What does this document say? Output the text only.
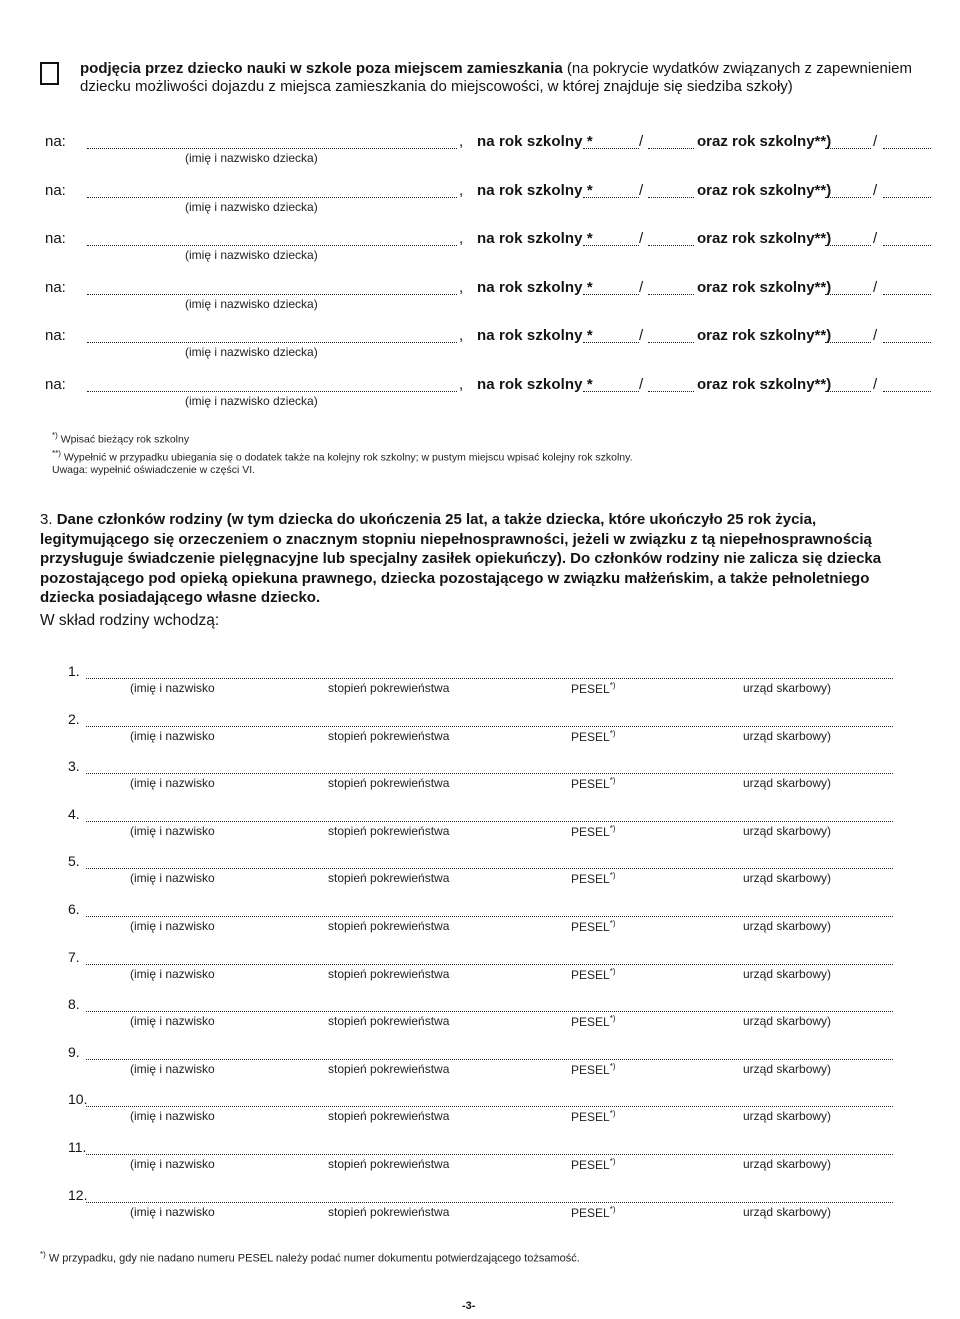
podjęcia przez dziecko nauki w szkole poza miejscem zamieszkania (na pokrycie wydatków związanych z zapewnieniem dziecku możliwości dojazdu z miejsca zamieszkania do miejscowości, w której znajduje się siedziba szkoły)
na:	, na rok szkolny *	/	oraz rok szkolny**)	/
(imię i nazwisko dziecka)
na:	, na rok szkolny *	/	oraz rok szkolny**)	/
(imię i nazwisko dziecka)
na:	, na rok szkolny *	/	oraz rok szkolny**)	/
(imię i nazwisko dziecka)
na:	, na rok szkolny *	/	oraz rok szkolny**)	/
(imię i nazwisko dziecka)
na:	, na rok szkolny *	/	oraz rok szkolny**)	/
(imię i nazwisko dziecka)
na:	, na rok szkolny *	/	oraz rok szkolny**)	/
(imię i nazwisko dziecka)
*) Wpisać bieżący rok szkolny
**) Wypełnić w przypadku ubiegania się o dodatek także na kolejny rok szkolny; w pustym miejscu wpisać kolejny rok szkolny.
Uwaga: wypełnić oświadczenie w części VI.
3. Dane członków rodziny (w tym dziecka do ukończenia 25 lat, a także dziecka, które ukończyło 25 rok życia, legitymującego się orzeczeniem o znacznym stopniu niepełnosprawności, jeżeli w związku z tą niepełnosprawnością przysługuje świadczenie pielęgnacyjne lub specjalny zasiłek opiekuńczy). Do członków rodziny nie zalicza się dziecka pozostającego pod opieką opiekuna prawnego, dziecka pozostającego w związku małżeńskim, a także pełnoletniego dziecka posiadającego własne dziecko.
W skład rodziny wchodzą:
1.
(imię i nazwisko	stopień pokrewieństwa	PESEL*)	urząd skarbowy)
2.
(imię i nazwisko	stopień pokrewieństwa	PESEL*)	urząd skarbowy)
3.
(imię i nazwisko	stopień pokrewieństwa	PESEL*)	urząd skarbowy)
4.
(imię i nazwisko	stopień pokrewieństwa	PESEL*)	urząd skarbowy)
5.
(imię i nazwisko	stopień pokrewieństwa	PESEL*)	urząd skarbowy)
6.
(imię i nazwisko	stopień pokrewieństwa	PESEL*)	urząd skarbowy)
7.
(imię i nazwisko	stopień pokrewieństwa	PESEL*)	urząd skarbowy)
8.
(imię i nazwisko	stopień pokrewieństwa	PESEL*)	urząd skarbowy)
9.
(imię i nazwisko	stopień pokrewieństwa	PESEL*)	urząd skarbowy)
10.
(imię i nazwisko	stopień pokrewieństwa	PESEL*)	urząd skarbowy)
11.
(imię i nazwisko	stopień pokrewieństwa	PESEL*)	urząd skarbowy)
12.
(imię i nazwisko	stopień pokrewieństwa	PESEL*)	urząd skarbowy)
*) W przypadku, gdy nie nadano numeru PESEL należy podać numer dokumentu potwierdzającego tożsamość.
-3-
